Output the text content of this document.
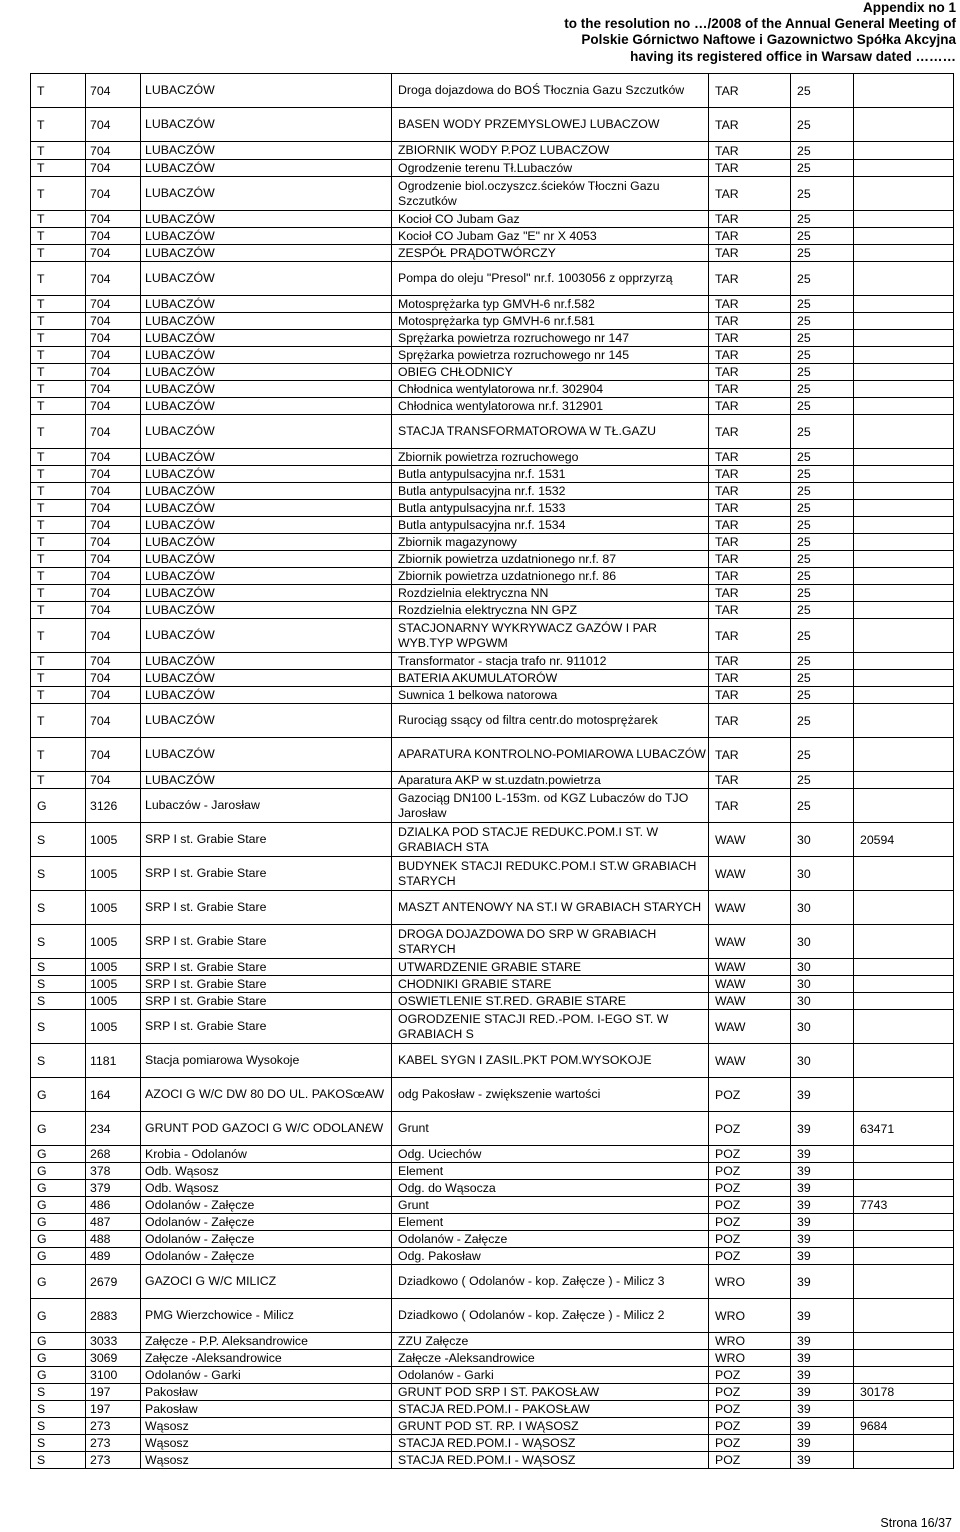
Appendix no 1
to the resolution no …/2008 of the Annual General Meeting of
Polskie Górnictwo Naftowe i Gazownictwo Spółka Akcyjna
having its registered office in Warsaw dated ………
T	704	LUBACZÓW	Droga dojazdowa do BOŚ Tłocznia Gazu Szczutków	TAR	25	
T	704	LUBACZÓW	BASEN WODY PRZEMYSLOWEJ LUBACZOW	TAR	25	
T	704	LUBACZÓW	ZBIORNIK WODY P.POZ LUBACZOW	TAR	25	
T	704	LUBACZÓW	Ogrodzenie terenu Tł.Lubaczów	TAR	25	
T	704	LUBACZÓW	Ogrodzenie biol.oczyszcz.ścieków Tłoczni Gazu Szczutków	TAR	25	
T	704	LUBACZÓW	Kocioł CO Jubam Gaz	TAR	25	
T	704	LUBACZÓW	Kocioł CO Jubam Gaz "E" nr X 4053	TAR	25	
T	704	LUBACZÓW	ZESPÓŁ PRĄDOTWÓRCZY	TAR	25	
T	704	LUBACZÓW	Pompa do oleju "Presol" nr.f. 1003056 z opprzyrzą	TAR	25	
T	704	LUBACZÓW	Motosprężarka typ GMVH-6 nr.f.582	TAR	25	
T	704	LUBACZÓW	Motosprężarka typ GMVH-6 nr.f.581	TAR	25	
T	704	LUBACZÓW	Sprężarka powietrza rozruchowego nr 147	TAR	25	
T	704	LUBACZÓW	Sprężarka powietrza rozruchowego nr 145	TAR	25	
T	704	LUBACZÓW	OBIEG CHŁODNICY	TAR	25	
T	704	LUBACZÓW	Chłodnica wentylatorowa nr.f. 302904	TAR	25	
T	704	LUBACZÓW	Chłodnica wentylatorowa nr.f. 312901	TAR	25	
T	704	LUBACZÓW	STACJA TRANSFORMATOROWA W TŁ.GAZU	TAR	25	
T	704	LUBACZÓW	Zbiornik powietrza rozruchowego	TAR	25	
T	704	LUBACZÓW	Butla antypulsacyjna nr.f. 1531	TAR	25	
T	704	LUBACZÓW	Butla antypulsacyjna nr.f. 1532	TAR	25	
T	704	LUBACZÓW	Butla antypulsacyjna nr.f. 1533	TAR	25	
T	704	LUBACZÓW	Butla antypulsacyjna nr.f. 1534	TAR	25	
T	704	LUBACZÓW	Zbiornik magazynowy	TAR	25	
T	704	LUBACZÓW	Zbiornik powietrza uzdatnionego nr.f. 87	TAR	25	
T	704	LUBACZÓW	Zbiornik powietrza uzdatnionego nr.f. 86	TAR	25	
T	704	LUBACZÓW	Rozdzielnia elektryczna NN	TAR	25	
T	704	LUBACZÓW	Rozdzielnia elektryczna NN GPZ	TAR	25	
T	704	LUBACZÓW	STACJONARNY WYKRYWACZ GAZÓW I PAR WYB.TYP WPGWM	TAR	25	
T	704	LUBACZÓW	Transformator - stacja trafo nr. 911012	TAR	25	
T	704	LUBACZÓW	BATERIA AKUMULATORÓW	TAR	25	
T	704	LUBACZÓW	Suwnica 1 belkowa natorowa	TAR	25	
T	704	LUBACZÓW	Rurociąg ssący od filtra centr.do motosprężarek	TAR	25	
T	704	LUBACZÓW	APARATURA KONTROLNO-POMIAROWA LUBACZÓW	TAR	25	
T	704	LUBACZÓW	Aparatura AKP w st.uzdatn.powietrza	TAR	25	
G	3126	Lubaczów - Jarosław	Gazociąg DN100 L-153m. od KGZ Lubaczów do TJO Jarosław	TAR	25	
S	1005	SRP I st. Grabie Stare	DZIALKA POD STACJE REDUKC.POM.I ST. W GRABIACH STA	WAW	30	20594
S	1005	SRP I st. Grabie Stare	BUDYNEK STACJI REDUKC.POM.I ST.W GRABIACH STARYCH	WAW	30	
S	1005	SRP I st. Grabie Stare	MASZT ANTENOWY NA ST.I W GRABIACH STARYCH	WAW	30	
S	1005	SRP I st. Grabie Stare	DROGA DOJAZDOWA DO SRP W GRABIACH STARYCH	WAW	30	
S	1005	SRP I st. Grabie Stare	UTWARDZENIE GRABIE STARE	WAW	30	
S	1005	SRP I st. Grabie Stare	CHODNIKI GRABIE STARE	WAW	30	
S	1005	SRP I st. Grabie Stare	OSWIETLENIE ST.RED. GRABIE STARE	WAW	30	
S	1005	SRP I st. Grabie Stare	OGRODZENIE STACJI RED.-POM. I-EGO ST. W GRABIACH S	WAW	30	
S	1181	Stacja pomiarowa Wysokoje	KABEL SYGN I ZASIL.PKT POM.WYSOKOJE	WAW	30	
G	164	AZOCI G W/C DW 80 DO UL. PAKOSœAW	odg Pakosław - zwiększenie wartości	POZ	39	
G	234	GRUNT POD GAZOCI G W/C ODOLAN£W	Grunt	POZ	39	63471
G	268	Krobia - Odolanów	Odg. Uciechów	POZ	39	
G	378	Odb. Wąsosz	Element	POZ	39	
G	379	Odb. Wąsosz	Odg. do Wąsocza	POZ	39	
G	486	Odolanów - Załęcze	Grunt	POZ	39	7743
G	487	Odolanów - Załęcze	Element	POZ	39	
G	488	Odolanów - Załęcze	Odolanów - Załęcze	POZ	39	
G	489	Odolanów - Załęcze	Odg. Pakosław	POZ	39	
G	2679	GAZOCI G W/C MILICZ	Dziadkowo ( Odolanów - kop. Załęcze ) - Milicz 3	WRO	39	
G	2883	PMG Wierzchowice - Milicz	Dziadkowo ( Odolanów - kop. Załęcze ) - Milicz 2	WRO	39	
G	3033	Załęcze - P.P. Aleksandrowice	ZZU Załęcze	WRO	39	
G	3069	Załęcze -Aleksandrowice	Załęcze -Aleksandrowice	WRO	39	
G	3100	Odolanów - Garki	Odolanów - Garki	POZ	39	
S	197	Pakosław	GRUNT POD SRP I ST. PAKOSŁAW	POZ	39	30178
S	197	Pakosław	STACJA RED.POM.I - PAKOSŁAW	POZ	39	
S	273	Wąsosz	GRUNT POD ST. RP. I WĄSOSZ	POZ	39	9684
S	273	Wąsosz	STACJA RED.POM.I - WĄSOSZ	POZ	39	
S	273	Wąsosz	STACJA RED.POM.I - WĄSOSZ	POZ	39	
Strona 16/37
